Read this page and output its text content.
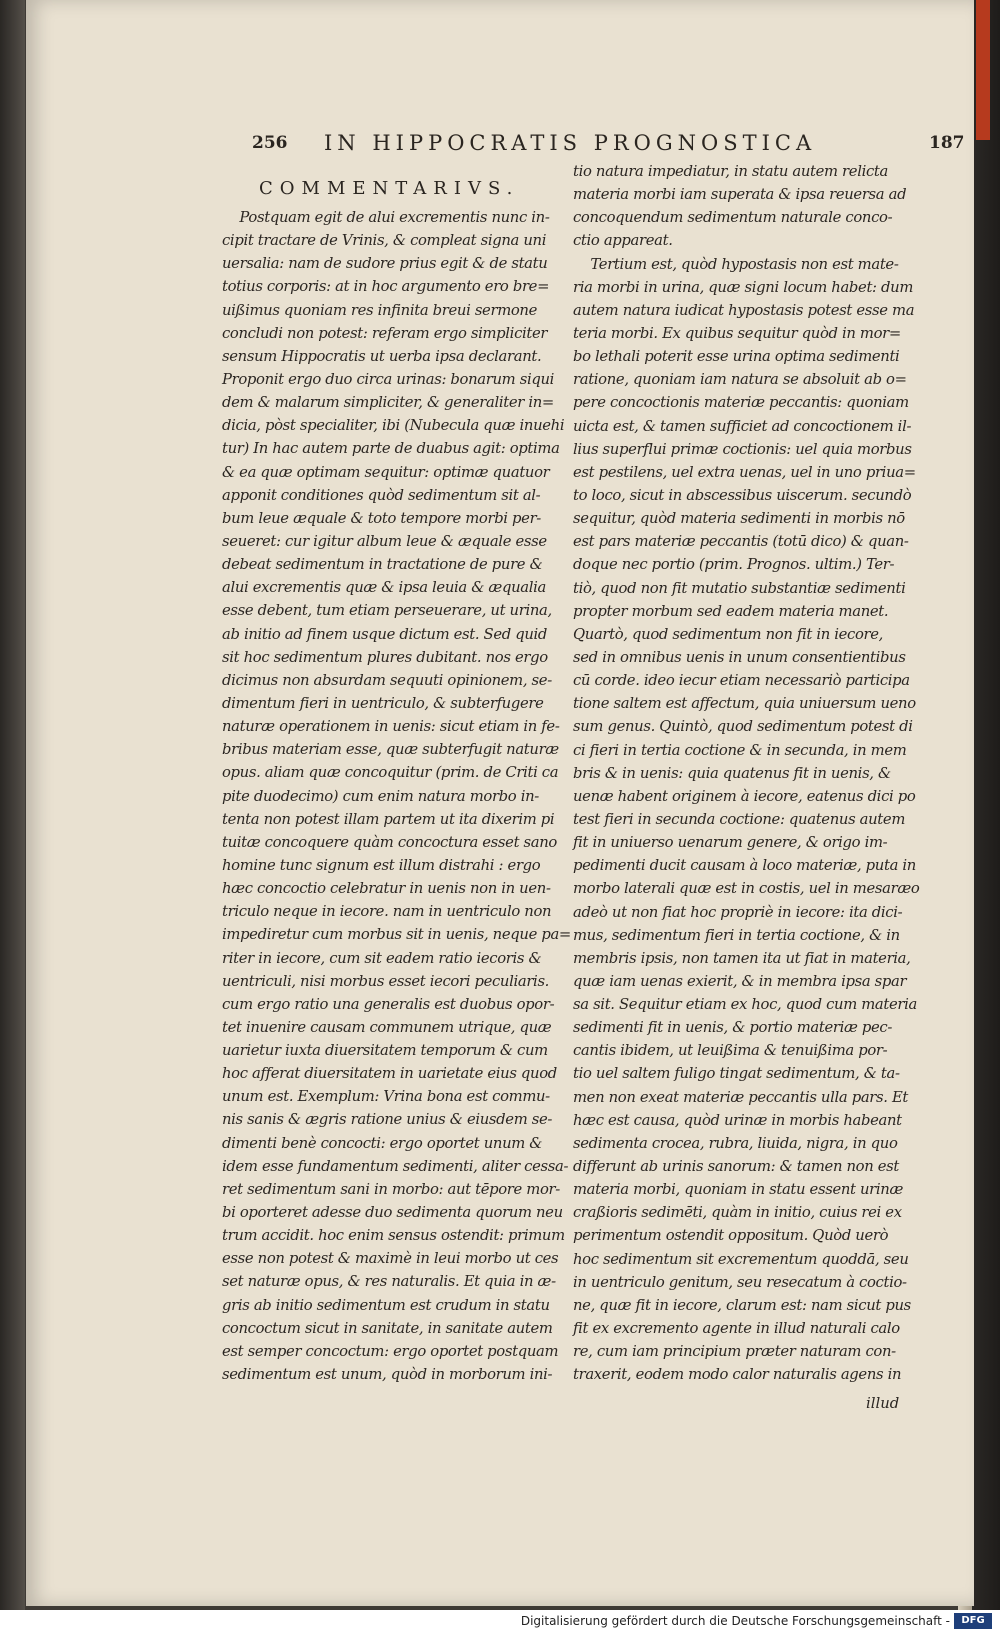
256 IN HIPPOCRATIS PROGNOSTICA	187
COMMENTARIVS.
Postquam egit de alui excrementis nunc in-
cipit tractare de Vrinis, & compleat signa uni
uersalia: nam de sudore prius egit & de statu
totius corporis: at in hoc argumento ero bre=
uißimus quoniam res infinita breui sermone
concludi non potest: referam ergo simpliciter
sensum Hippocratis ut uerba ipsa declarant.
Proponit ergo duo circa urinas: bonarum siqui
dem & malarum simpliciter, & generaliter in=
dicia, pòst specialiter, ibi (Nubecula quæ inuehi
tur) In hac autem parte de duabus agit: optima
& ea quæ optimam sequitur: optimæ quatuor
apponit conditiones quòd sedimentum sit al-
bum leue æquale & toto tempore morbi per-
seueret: cur igitur album leue & æquale esse
debeat sedimentum in tractatione de pure &
alui excrementis quæ & ipsa leuia & æqualia
esse debent, tum etiam perseuerare, ut urina,
ab initio ad finem usque dictum est. Sed quid
sit hoc sedimentum plures dubitant. nos ergo
dicimus non absurdam sequuti opinionem, se-
dimentum fieri in uentriculo, & subterfugere
naturæ operationem in uenis: sicut etiam in fe-
bribus materiam esse, quæ subterfugit naturæ
opus. aliam quæ concoquitur (prim. de Criti ca
pite duodecimo) cum enim natura morbo in-
tenta non potest illam partem ut ita dixerim pi
tuitæ concoquere quàm concoctura esset sano
homine tunc signum est illum distrahi : ergo
hæc concoctio celebratur in uenis non in uen-
triculo neque in iecore. nam in uentriculo non
impediretur cum morbus sit in uenis, neque pa=
riter in iecore, cum sit eadem ratio iecoris &
uentriculi, nisi morbus esset iecori peculiaris.
cum ergo ratio una generalis est duobus opor-
tet inuenire causam communem utrique, quæ
uarietur iuxta diuersitatem temporum & cum
hoc afferat diuersitatem in uarietate eius quod
unum est. Exemplum: Vrina bona est commu-
nis sanis & ægris ratione unius & eiusdem se-
dimenti benè concocti: ergo oportet unum &
idem esse fundamentum sedimenti, aliter cessa-
ret sedimentum sani in morbo: aut tēpore mor-
bi oporteret adesse duo sedimenta quorum neu
trum accidit. hoc enim sensus ostendit: primum
esse non potest & maximè in leui morbo ut ces
set naturæ opus, & res naturalis. Et quia in æ-
gris ab initio sedimentum est crudum in statu
concoctum sicut in sanitate, in sanitate autem
est semper concoctum: ergo oportet postquam
sedimentum est unum, quòd in morborum ini-
tio natura impediatur, in statu autem relicta
materia morbi iam superata & ipsa reuersa ad
concoquendum sedimentum naturale conco-
ctio appareat.
Tertium est, quòd hypostasis non est mate-
ria morbi in urina, quæ signi locum habet: dum
autem natura iudicat hypostasis potest esse ma
teria morbi. Ex quibus sequitur quòd in mor=
bo lethali poterit esse urina optima sedimenti
ratione, quoniam iam natura se absoluit ab o=
pere concoctionis materiæ peccantis: quoniam
uicta est, & tamen sufficiet ad concoctionem il-
lius superflui primæ coctionis: uel quia morbus
est pestilens, uel extra uenas, uel in uno priua=
to loco, sicut in abscessibus uiscerum. secundò
sequitur, quòd materia sedimenti in morbis nō
est pars materiæ peccantis (totū dico) & quan-
doque nec portio (prim. Prognos. ultim.) Ter-
tiò, quod non fit mutatio substantiæ sedimenti
propter morbum sed eadem materia manet.
Quartò, quod sedimentum non fit in iecore,
sed in omnibus uenis in unum consentientibus
cū corde. ideo iecur etiam necessariò participa
tione saltem est affectum, quia uniuersum ueno
sum genus. Quintò, quod sedimentum potest di
ci fieri in tertia coctione & in secunda, in mem
bris & in uenis: quia quatenus fit in uenis, &
uenæ habent originem à iecore, eatenus dici po
test fieri in secunda coctione: quatenus autem
fit in uniuerso uenarum genere, & origo im-
pedimenti ducit causam à loco materiæ, puta in
morbo laterali quæ est in costis, uel in mesaræo
adeò ut non fiat hoc propriè in iecore: ita dici-
mus, sedimentum fieri in tertia coctione, & in
membris ipsis, non tamen ita ut fiat in materia,
quæ iam uenas exierit, & in membra ipsa spar
sa sit. Sequitur etiam ex hoc, quod cum materia
sedimenti fit in uenis, & portio materiæ pec-
cantis ibidem, ut leuißima & tenuißima por-
tio uel saltem fuligo tingat sedimentum, & ta-
men non exeat materiæ peccantis ulla pars. Et
hæc est causa, quòd urinæ in morbis habeant
sedimenta crocea, rubra, liuida, nigra, in quo
differunt ab urinis sanorum: & tamen non est
materia morbi, quoniam in statu essent urinæ
craßioris sedimēti, quàm in initio, cuius rei ex
perimentum ostendit oppositum. Quòd uerò
hoc sedimentum sit excrementum quoddā, seu
in uentriculo genitum, seu resecatum à coctio-
ne, quæ fit in iecore, clarum est: nam sicut pus
fit ex excremento agente in illud naturali calo
re, cum iam principium præter naturam con-
traxerit, eodem modo calor naturalis agens in
illud
Digitalisierung gefördert durch die Deutsche Forschungsgemeinschaft -	DFG
